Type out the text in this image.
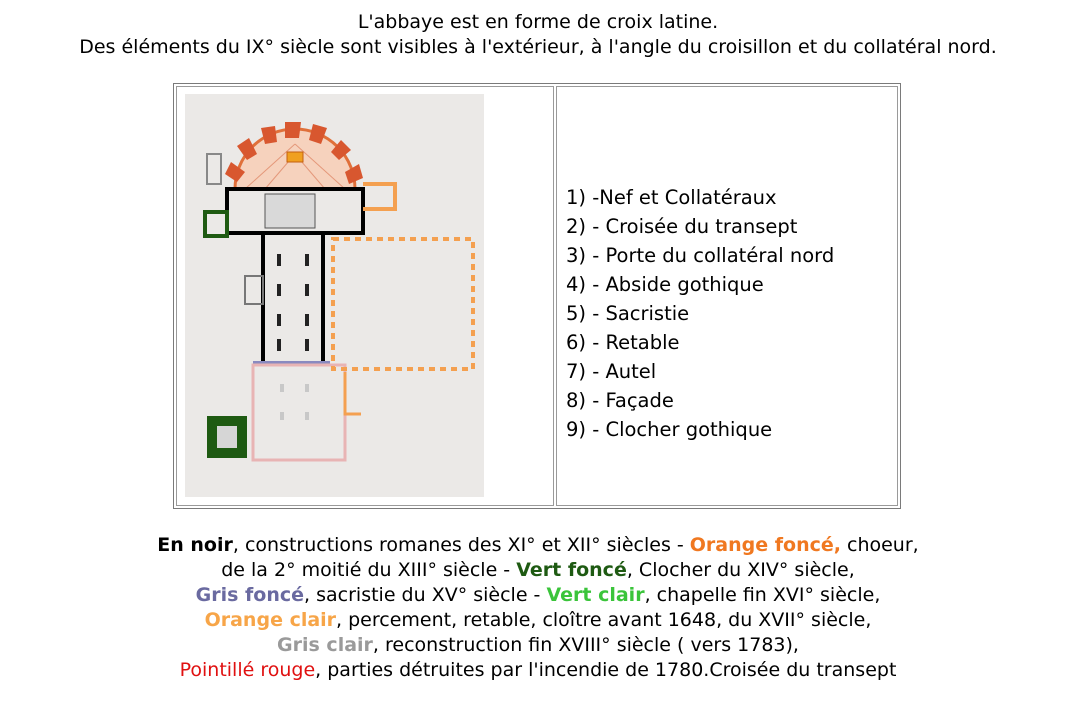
L'abbaye est en forme de croix latine.
Des éléments du IX° siècle sont visibles à l'extérieur, à l'angle du croisillon et du collatéral nord.
1) -Nef et Collatéraux
2) - Croisée du transept
3) - Porte du collatéral nord
4) - Abside gothique
5) - Sacristie
6) - Retable
7) - Autel
8) - Façade
9) - Clocher gothique
En noir, constructions romanes des XI° et XII° siècles - Orange foncé, choeur,
de la 2° moitié du XIII° siècle - Vert foncé, Clocher du XIV° siècle,
Gris foncé, sacristie du XV° siècle - Vert clair, chapelle fin XVI° siècle,
Orange clair, percement, retable, cloître avant 1648, du XVII° siècle,
Gris clair, reconstruction fin XVIII° siècle ( vers 1783),
Pointillé rouge, parties détruites par l'incendie de 1780.Croisée du transept
